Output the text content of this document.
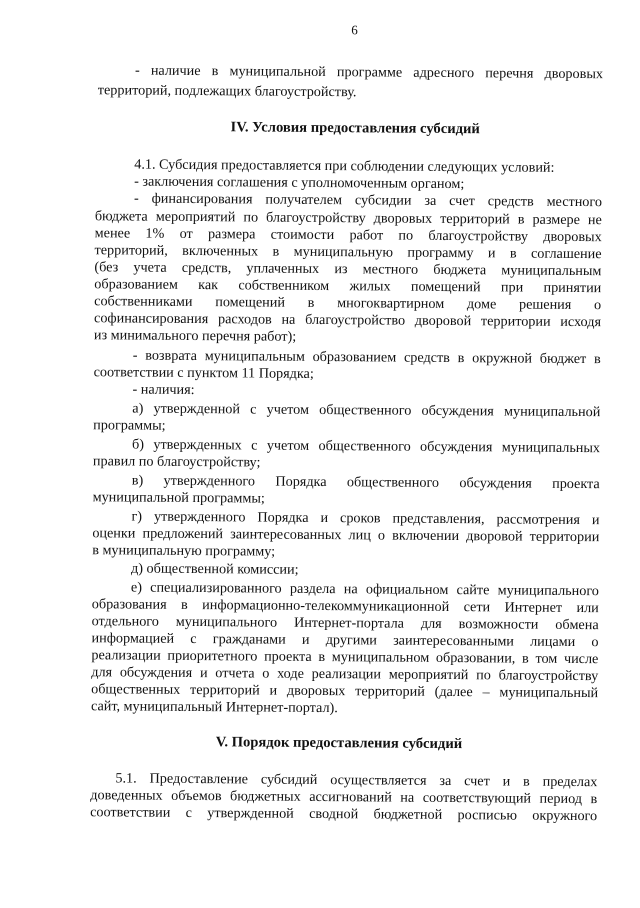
6
- наличие в муниципальной программе адресного перечня дворовых
территорий, подлежащих благоустройству.
IV. Условия предоставления субсидий
4.1. Субсидия предоставляется при соблюдении следующих условий:
- заключения соглашения с уполномоченным органом;
- финансирования получателем субсидии за счет средств местного
бюджета мероприятий по благоустройству дворовых территорий в размере не
менее 1% от размера стоимости работ по благоустройству дворовых
территорий, включенных в муниципальную программу и в соглашение
(без учета средств, уплаченных из местного бюджета муниципальным
образованием как собственником жилых помещений при принятии
собственниками помещений в многоквартирном доме решения о
софинансирования расходов на благоустройство дворовой территории исходя
из минимального перечня работ);
- возврата муниципальным образованием средств в окружной бюджет в
соответствии с пунктом 11 Порядка;
- наличия:
а) утвержденной с учетом общественного обсуждения муниципальной
программы;
б) утвержденных с учетом общественного обсуждения муниципальных
правил по благоустройству;
в) утвержденного Порядка общественного обсуждения проекта
муниципальной программы;
г) утвержденного Порядка и сроков представления, рассмотрения и
оценки предложений заинтересованных лиц о включении дворовой территории
в муниципальную программу;
д) общественной комиссии;
е) специализированного раздела на официальном сайте муниципального
образования в информационно-телекоммуникационной сети Интернет или
отдельного муниципального Интернет-портала для возможности обмена
информацией с гражданами и другими заинтересованными лицами о
реализации приоритетного проекта в муниципальном образовании, в том числе
для обсуждения и отчета о ходе реализации мероприятий по благоустройству
общественных территорий и дворовых территорий (далее – муниципальный
сайт, муниципальный Интернет-портал).
V. Порядок предоставления субсидий
5.1. Предоставление субсидий осуществляется за счет и в пределах
доведенных объемов бюджетных ассигнований на соответствующий период в
соответствии с утвержденной сводной бюджетной росписью окружного
